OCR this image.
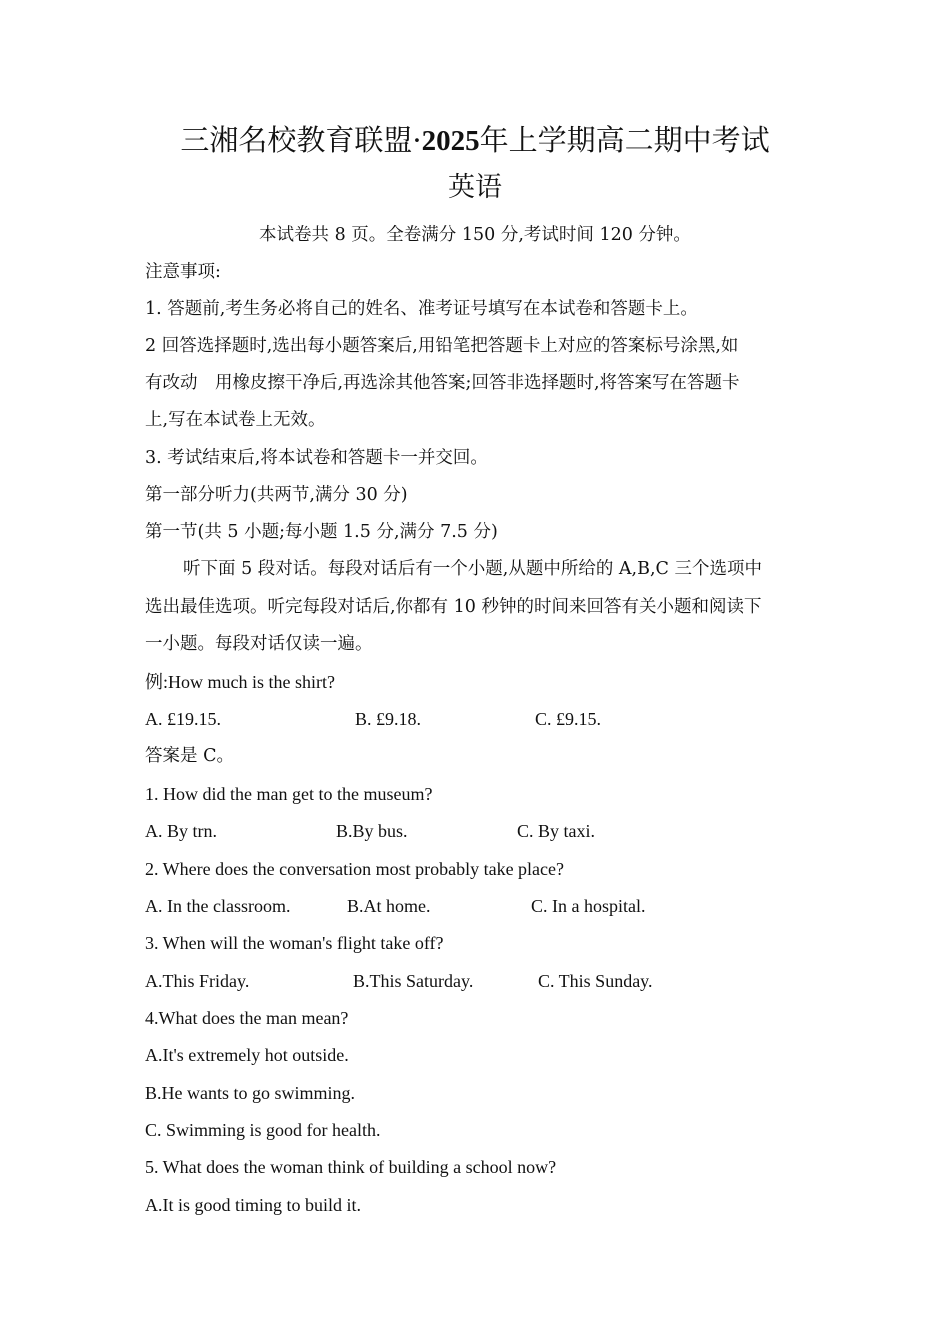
三湘名校教育联盟·2025年上学期高二期中考试
英语
本试卷共 8 页。全卷满分 150 分,考试时间 120 分钟。
注意事项:
1. 答题前,考生务必将自己的姓名、准考证号填写在本试卷和答题卡上。
2 回答选择题时,选出每小题答案后,用铅笔把答题卡上对应的答案标号涂黑,如
有改动　用橡皮擦干净后,再选涂其他答案;回答非选择题时,将答案写在答题卡
上,写在本试卷上无效。
3. 考试结束后,将本试卷和答题卡一并交回。
第一部分听力(共两节,满分 30 分)
第一节(共 5 小题;每小题 1.5 分,满分 7.5 分)
听下面 5 段对话。每段对话后有一个小题,从题中所给的 A,B,C 三个选项中
选出最佳选项。听完每段对话后,你都有 10 秒钟的时间来回答有关小题和阅读下
一小题。每段对话仅读一遍。
例:How much is the shirt?
A. £19.15.	B. £9.18.	C. £9.15.
答案是 C。
1. How did the man get to the museum?
A. By trn.	B.By bus.	C. By taxi.
2. Where does the conversation most probably take place?
A. In the classroom.	B.At home.	C. In a hospital.
3. When will the woman's flight take off?
A.This Friday.	B.This Saturday.	C. This Sunday.
4.What does the man mean?
A.It's extremely hot outside.
B.He wants to go swimming.
C. Swimming is good for health.
5. What does the woman think of building a school now?
A.It is good timing to build it.
